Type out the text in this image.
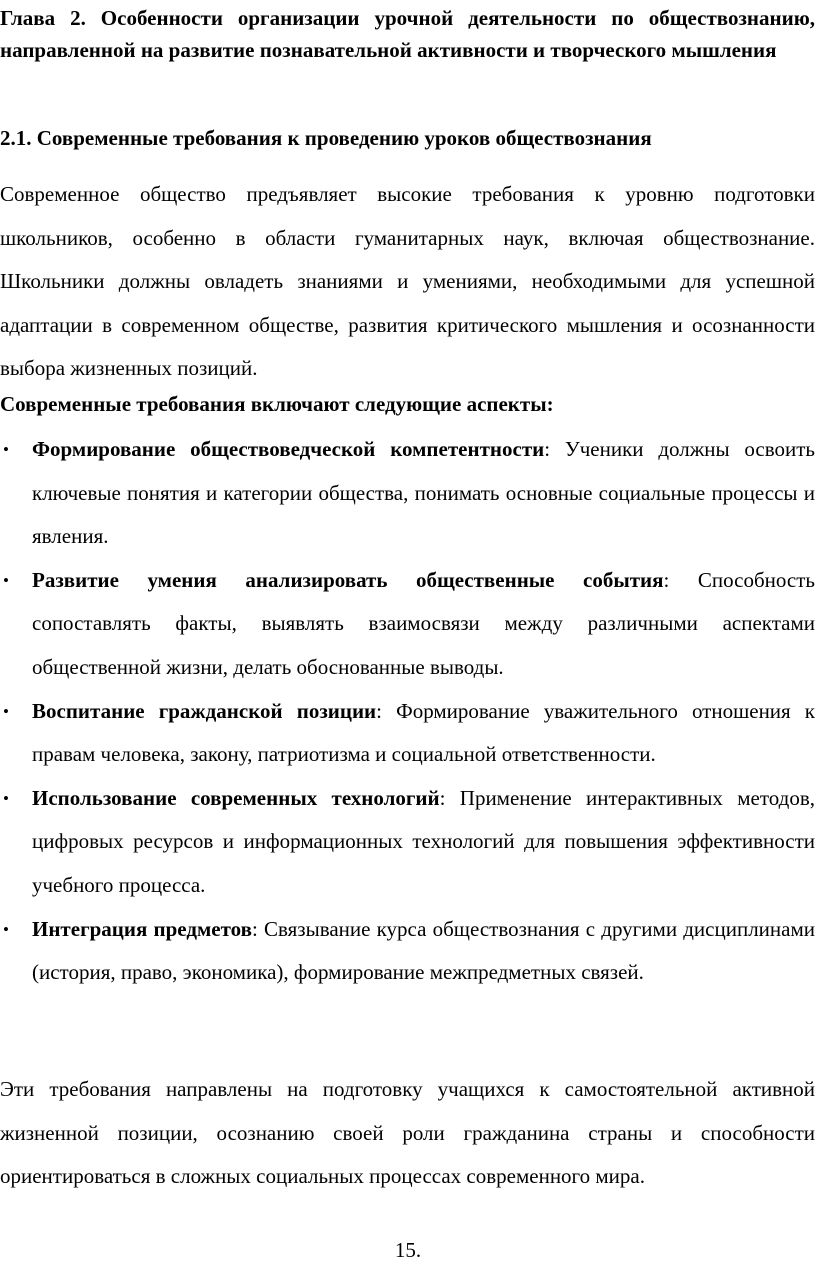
Глава 2. Особенности организации урочной деятельности по обществознанию, направленной на развитие познавательной активности и творческого мышления

2.1. Современные требования к проведению уроков обществознания

Современное общество предъявляет высокие требования к уровню подготовки школьников, особенно в области гуманитарных наук, включая обществознание. Школьники должны овладеть знаниями и умениями, необходимыми для успешной адаптации в современном обществе, развития критического мышления и осознанности выбора жизненных позиций.

Современные требования включают следующие аспекты:

• Формирование обществоведческой компетентности: Ученики должны освоить ключевые понятия и категории общества, понимать основные социальные процессы и явления.
• Развитие умения анализировать общественные события: Способность сопоставлять факты, выявлять взаимосвязи между различными аспектами общественной жизни, делать обоснованные выводы.
• Воспитание гражданской позиции: Формирование уважительного отношения к правам человека, закону, патриотизма и социальной ответственности.
• Использование современных технологий: Применение интерактивных методов, цифровых ресурсов и информационных технологий для повышения эффективности учебного процесса.
• Интеграция предметов: Связывание курса обществознания с другими дисциплинами (история, право, экономика), формирование межпредметных связей.

Эти требования направлены на подготовку учащихся к самостоятельной активной жизненной позиции, осознанию своей роли гражданина страны и способности ориентироваться в сложных социальных процессах современного мира.

15.
